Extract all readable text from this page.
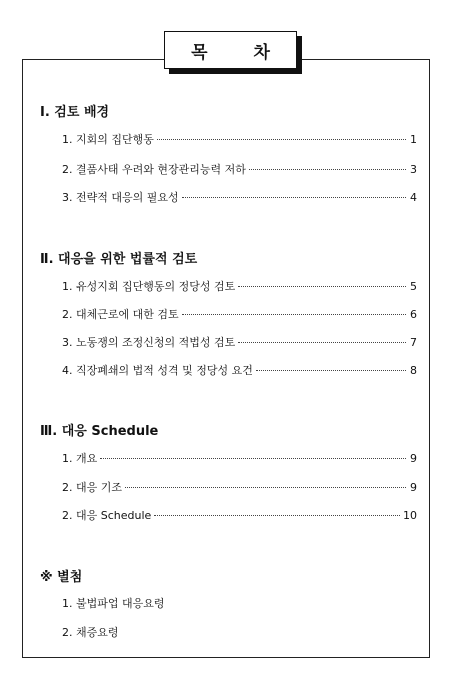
목 차
Ⅰ. 검토 배경
1. 지회의 집단행동	1
2. 결품사태 우려와 현장관리능력 저하	3
3. 전략적 대응의 필요성	4
Ⅱ. 대응을 위한 법률적 검토
1. 유성지회 집단행동의 정당성 검토	5
2. 대체근로에 대한 검토	6
3. 노동쟁의 조정신청의 적법성 검토	7
4. 직장폐쇄의 법적 성격 및 정당성 요건	8
Ⅲ. 대응 Schedule
1. 개요	9
2. 대응 기조	9
2. 대응 Schedule	10
※ 별첨
1. 불법파업 대응요령
2. 채증요령
